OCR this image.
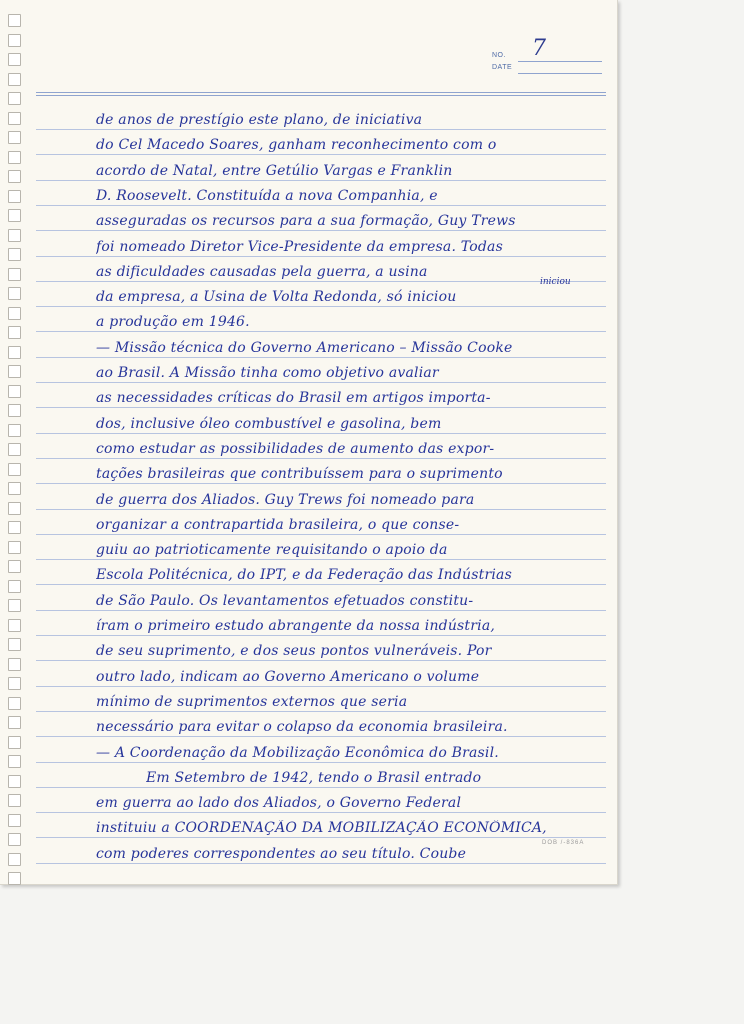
NO.
DATE
7
de anos de prestígio este plano, de iniciativa
do Cel Macedo Soares, ganham reconhecimento com o
acordo de Natal, entre Getúlio Vargas e Franklin
D. Roosevelt. Constituída a nova Companhia, e
asseguradas os recursos para a sua formação, Guy Trews
foi nomeado Diretor Vice-Presidente da empresa. Todas
as dificuldades causadas pela guerra, a usina
da empresa, a Usina de Volta Redonda, só iniciou
a produção em 1946.
— Missão técnica do Governo Americano – Missão Cooke
ao Brasil. A Missão tinha como objetivo avaliar
as necessidades críticas do Brasil em artigos importa-
dos, inclusive óleo combustível e gasolina, bem
como estudar as possibilidades de aumento das expor-
tações brasileiras que contribuíssem para o suprimento
de guerra dos Aliados. Guy Trews foi nomeado para
organizar a contrapartida brasileira, o que conse-
guiu ao patrioticamente requisitando o apoio da
Escola Politécnica, do IPT, e da Federação das Indústrias
de São Paulo. Os levantamentos efetuados constitu-
íram o primeiro estudo abrangente da nossa indústria,
de seu suprimento, e dos seus pontos vulneráveis. Por
outro lado, indicam ao Governo Americano o volume
mínimo de suprimentos externos que seria
necessário para evitar o colapso da economia brasileira.
— A Coordenação da Mobilização Econômica do Brasil.
Em Setembro de 1942, tendo o Brasil entrado
em guerra ao lado dos Aliados, o Governo Federal
instituiu a COORDENAÇÃO DA MOBILIZAÇÃO ECONÔMICA,
com poderes correspondentes ao seu título. Coube
iniciou
DOB /-836A
